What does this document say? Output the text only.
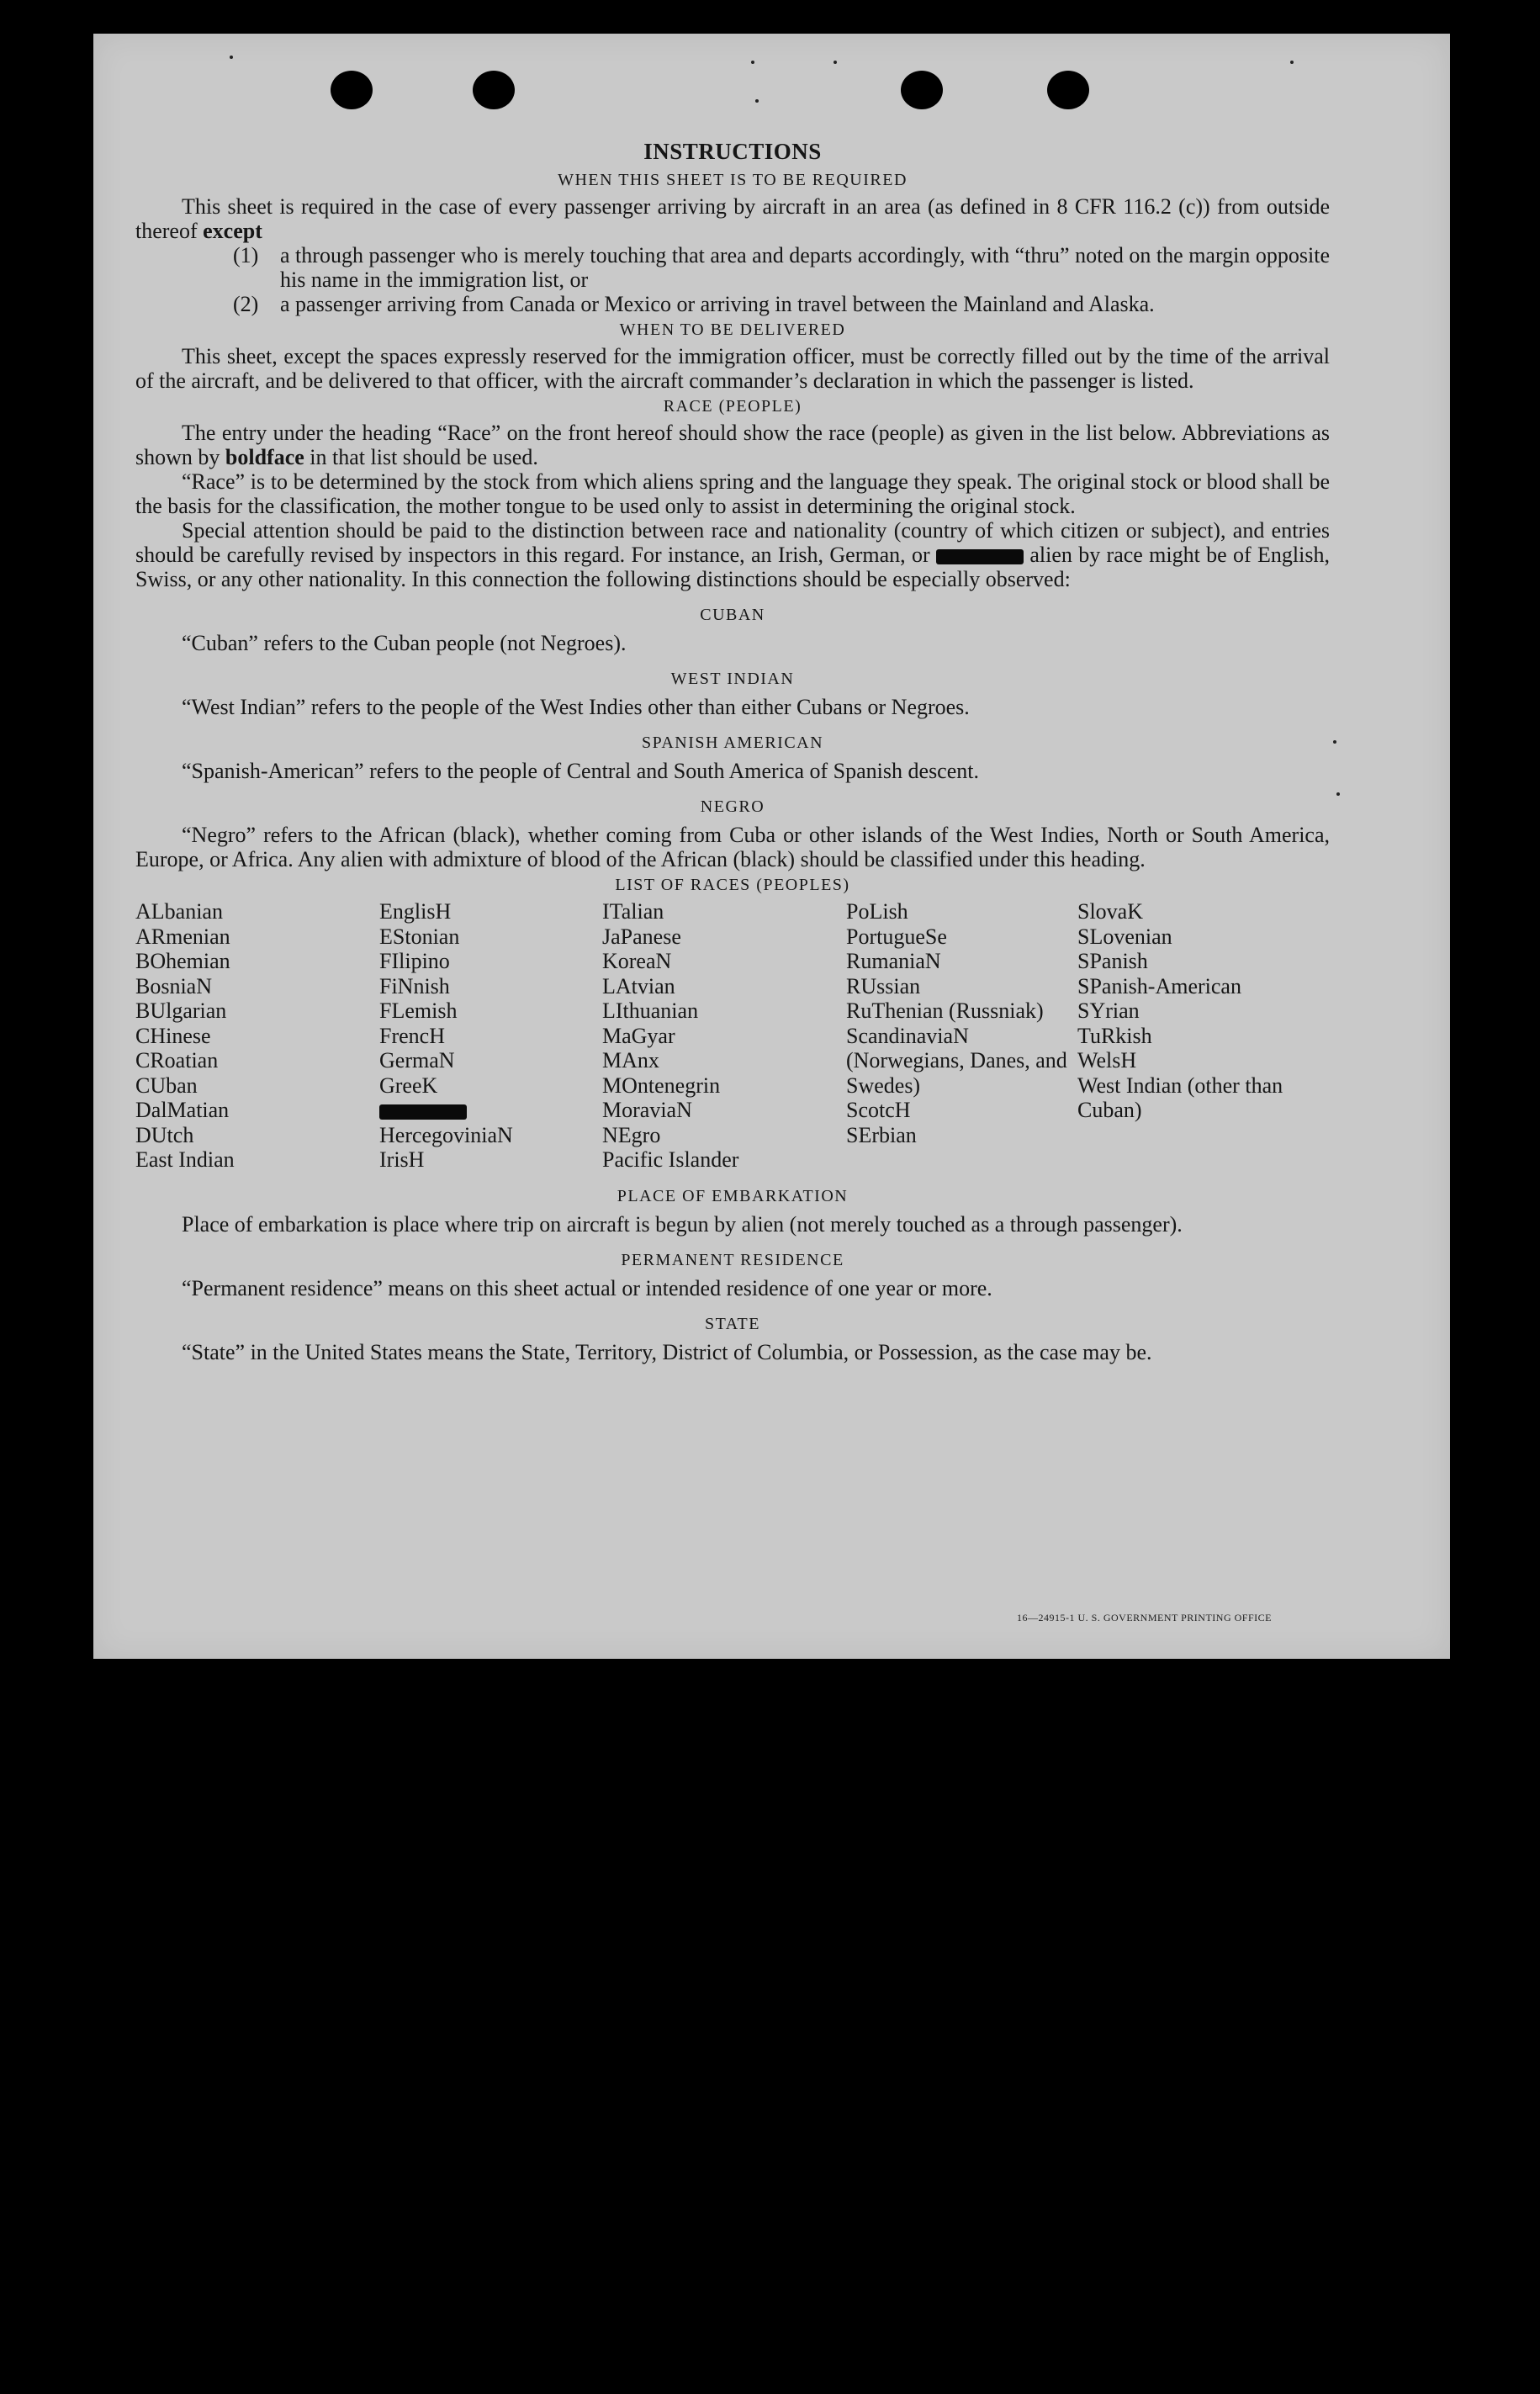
INSTRUCTIONS
WHEN THIS SHEET IS TO BE REQUIRED

This sheet is required in the case of every passenger arriving by aircraft in an area (as defined in 8 CFR 116.2 (c)) from outside thereof except

(1) a through passenger who is merely touching that area and departs accordingly, with “thru” noted on the margin opposite his name in the immigration list, or
(2) a passenger arriving from Canada or Mexico or arriving in travel between the Mainland and Alaska.
WHEN TO BE DELIVERED

This sheet, except the spaces expressly reserved for the immigration officer, must be correctly filled out by the time of the arrival of the aircraft, and be delivered to that officer, with the aircraft commander’s declaration in which the passenger is listed.

RACE (PEOPLE)

The entry under the heading “Race” on the front hereof should show the race (people) as given in the list below. Abbreviations as shown by boldface in that list should be used.

“Race” is to be determined by the stock from which aliens spring and the language they speak. The original stock or blood shall be the basis for the classification, the mother tongue to be used only to assist in determining the original stock.

Special attention should be paid to the distinction between race and nationality (country of which citizen or subject), and entries should be carefully revised by inspectors in this regard. For instance, an Irish, German, or	alien by race might be of English, Swiss, or any other nationality. In this connection the following distinctions should be especially observed:

CUBAN

“Cuban” refers to the Cuban people (not Negroes).

WEST INDIAN

“West Indian” refers to the people of the West Indies other than either Cubans or Negroes.

SPANISH AMERICAN

“Spanish-American” refers to the people of Central and South America of Spanish descent.

NEGRO

“Negro” refers to the African (black), whether coming from Cuba or other islands of the West Indies, North or South America, Europe, or Africa. Any alien with admixture of blood of the African (black) should be classified under this heading.

LIST OF RACES (PEOPLES)
ALbanian
ARmenian
BOhemian
BosniaN
BUlgarian
CHinese
CRoatian
CUban
DalMatian
DUtch
East Indian
EnglisH
EStonian
FIlipino
FiNnish
FLemish
FrencH
GermaN
GreeK
HercegoviniaN
IrisH
ITalian
JaPanese
KoreaN
LAtvian
LIthuanian
MaGyar
MAnx
MOntenegrin
MoraviaN
NEgro
Pacific Islander
PoLish
PortugueSe
RumaniaN
RUssian
RuThenian (Russniak)
ScandinaviaN (Norwegians, Danes, and Swedes)
ScotcH
SErbian
SlovaK
SLovenian
SPanish
SPanish-American
SYrian
TuRkish
WelsH
West Indian (other than Cuban)
PLACE OF EMBARKATION

Place of embarkation is place where trip on aircraft is begun by alien (not merely touched as a through passenger).

PERMANENT RESIDENCE

“Permanent residence” means on this sheet actual or intended residence of one year or more.

STATE

“State” in the United States means the State, Territory, District of Columbia, or Possession, as the case may be.

16—24915-1 U. S. GOVERNMENT PRINTING OFFICE
